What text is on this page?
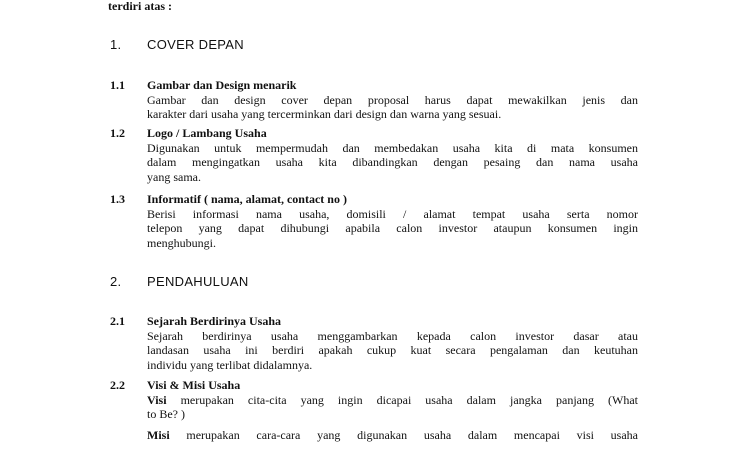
terdiri atas :
1. COVER DEPAN
1.1 Gambar dan Design menarik
Gambar dan design cover depan proposal harus dapat mewakilkan jenis dan
karakter dari usaha yang tercerminkan dari design dan warna yang sesuai.
1.2 Logo / Lambang Usaha
Digunakan untuk mempermudah dan membedakan usaha kita di mata konsumen
dalam mengingatkan usaha kita dibandingkan dengan pesaing dan nama usaha
yang sama.
1.3 Informatif ( nama, alamat, contact no )
Berisi informasi nama usaha, domisili / alamat tempat usaha serta nomor
telepon yang dapat dihubungi apabila calon investor ataupun konsumen ingin
menghubungi.
2. PENDAHULUAN
2.1 Sejarah Berdirinya Usaha
Sejarah berdirinya usaha menggambarkan kepada calon investor dasar atau
landasan usaha ini berdiri apakah cukup kuat secara pengalaman dan keutuhan
individu yang terlibat didalamnya.
2.2 Visi & Misi Usaha
Visi merupakan cita-cita yang ingin dicapai usaha dalam jangka panjang (What
to Be? )
Misi merupakan cara-cara yang digunakan usaha dalam mencapai visi usaha
